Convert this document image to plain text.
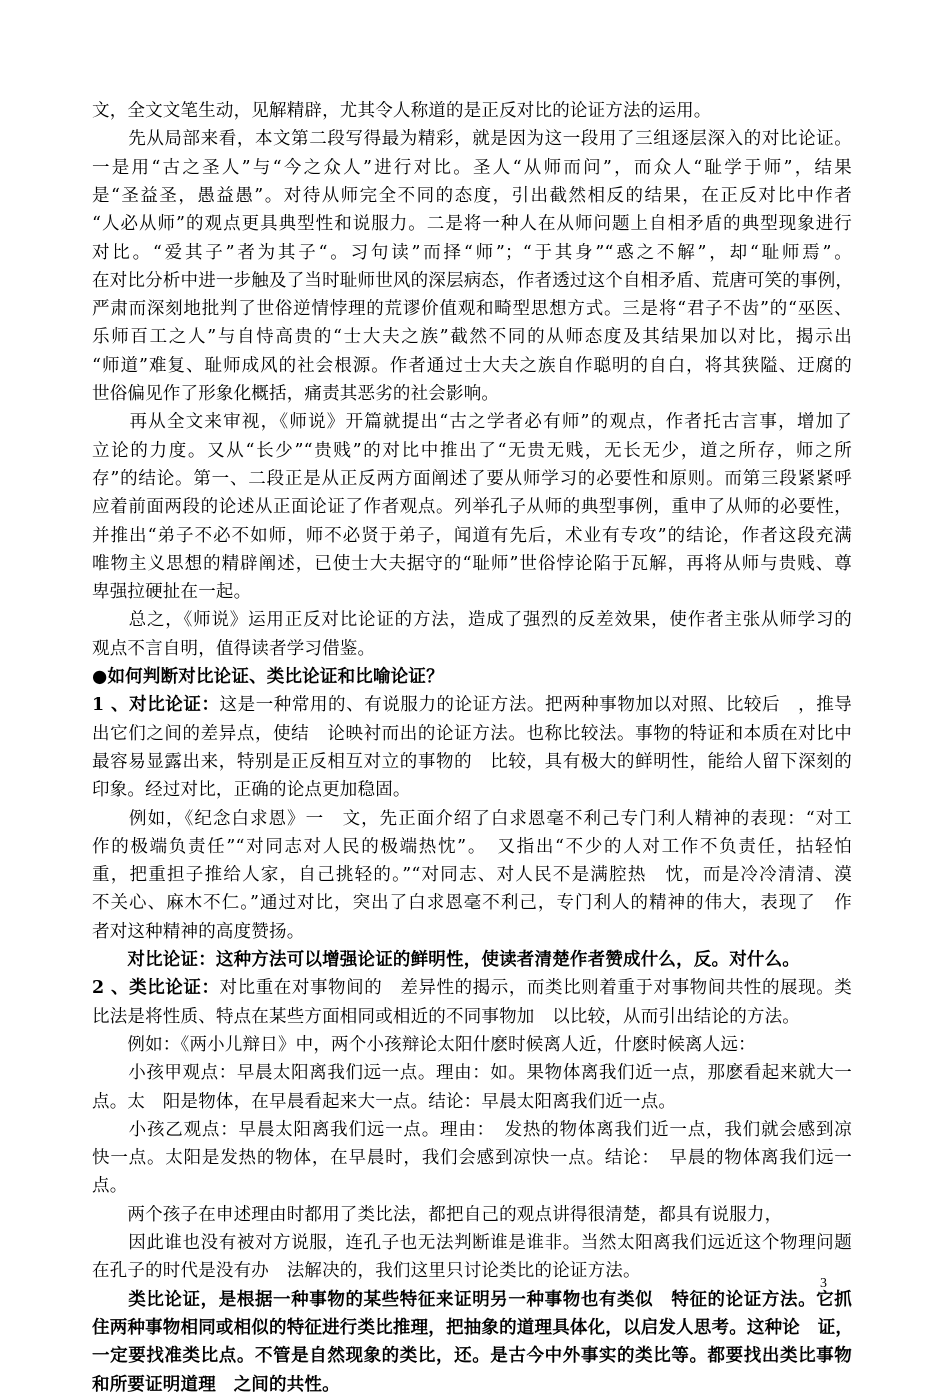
文，全文文笔生动，见解精辟，尤其令人称道的是正反对比的论证方法的运用。
　　先从局部来看，本文第二段写得最为精彩，就是因为这一段用了三组逐层深入的对比论证。
一是用“古之圣人”与“今之众人”进行对比。圣人“从师而问”，而众人“耻学于师”，结果
是“圣益圣，愚益愚”。对待从师完全不同的态度，引出截然相反的结果，在正反对比中作者
“人必从师”的观点更具典型性和说服力。二是将一种人在从师问题上自相矛盾的典型现象进行
对比。“爱其子”者为其子“。习句读”而择“师”；“于其身”“惑之不解”，却“耻师焉”。
在对比分析中进一步触及了当时耻师世风的深层病态，作者透过这个自相矛盾、荒唐可笑的事例，
严肃而深刻地批判了世俗逆情悖理的荒谬价值观和畸型思想方式。三是将“君子不齿”的“巫医、
乐师百工之人”与自恃高贵的“士大夫之族”截然不同的从师态度及其结果加以对比，揭示出
“师道”难复、耻师成风的社会根源。作者通过士大夫之族自作聪明的自白，将其狭隘、迂腐的
世俗偏见作了形象化概括，痛责其恶劣的社会影响。
　　再从全文来审视，《师说》开篇就提出“古之学者必有师”的观点，作者托古言事，增加了
立论的力度。又从“长少”“贵贱”的对比中推出了“无贵无贱，无长无少，道之所存，师之所
存”的结论。第一、二段正是从正反两方面阐述了要从师学习的必要性和原则。而第三段紧紧呼
应着前面两段的论述从正面论证了作者观点。列举孔子从师的典型事例，重申了从师的必要性，
并推出“弟子不必不如师，师不必贤于弟子，闻道有先后，术业有专攻”的结论，作者这段充满
唯物主义思想的精辟阐述，已使士大夫据守的“耻师”世俗悖论陷于瓦解，再将从师与贵贱、尊
卑强拉硬扯在一起。
　　总之，《师说》运用正反对比论证的方法，造成了强烈的反差效果，使作者主张从师学习的
观点不言自明，值得读者学习借鉴。
●如何判断对比论证、类比论证和比喻论证？
1 、对比论证：这是一种常用的、有说服力的论证方法。把两种事物加以对照、比较后　，推导
出它们之间的差异点，使结　论映衬而出的论证方法。也称比较法。事物的特证和本质在对比中
最容易显露出来，特别是正反相互对立的事物的　比较，具有极大的鲜明性，能给人留下深刻的
印象。经过对比，正确的论点更加稳固。
　　例如，《纪念白求恩》一　文，先正面介绍了白求恩毫不利己专门利人精神的表现：“对工
作的极端负责任”“对同志对人民的极端热忱”。　又指出“不少的人对工作不负责任，拈轻怕
重，把重担子推给人家，自己挑轻的。”“对同志、对人民不是满腔热　忱，而是冷冷清清、漠
不关心、麻木不仁。”通过对比，突出了白求恩毫不利己，专门利人的精神的伟大，表现了　作
者对这种精神的高度赞扬。
　　对比论证：这种方法可以增强论证的鲜明性，使读者清楚作者赞成什么，反。对什么。
2 、类比论证：对比重在对事物间的　差异性的揭示，而类比则着重于对事物间共性的展现。类
比法是将性质、特点在某些方面相同或相近的不同事物加　以比较，从而引出结论的方法。
　　例如：《两小儿辩日》中，两个小孩辩论太阳什麽时候离人近，什麽时候离人远：
　　小孩甲观点：早晨太阳离我们远一点。理由：如。果物体离我们近一点，那麽看起来就大一
点。太　阳是物体，在早晨看起来大一点。结论：早晨太阳离我们近一点。
　　小孩乙观点：早晨太阳离我们远一点。理由：　发热的物体离我们近一点，我们就会感到凉
快一点。太阳是发热的物体，在早晨时，我们会感到凉快一点。结论：　早晨的物体离我们远一
点。
　　两个孩子在申述理由时都用了类比法，都把自己的观点讲得很清楚，都具有说服力，
　　因此谁也没有被对方说服，连孔子也无法判断谁是谁非。当然太阳离我们远近这个物理问题
在孔子的时代是没有办　法解决的，我们这里只讨论类比的论证方法。
　　类比论证，是根据一种事物的某些特征来证明另一种事物也有类似　特征的论证方法。它抓
住两种事物相同或相似的特征进行类比推理，把抽象的道理具体化，以启发人思考。这种论　证，
一定要找准类比点。不管是自然现象的类比，还。是古今中外事实的类比等。都要找出类比事物
和所要证明道理　之间的共性。
3
